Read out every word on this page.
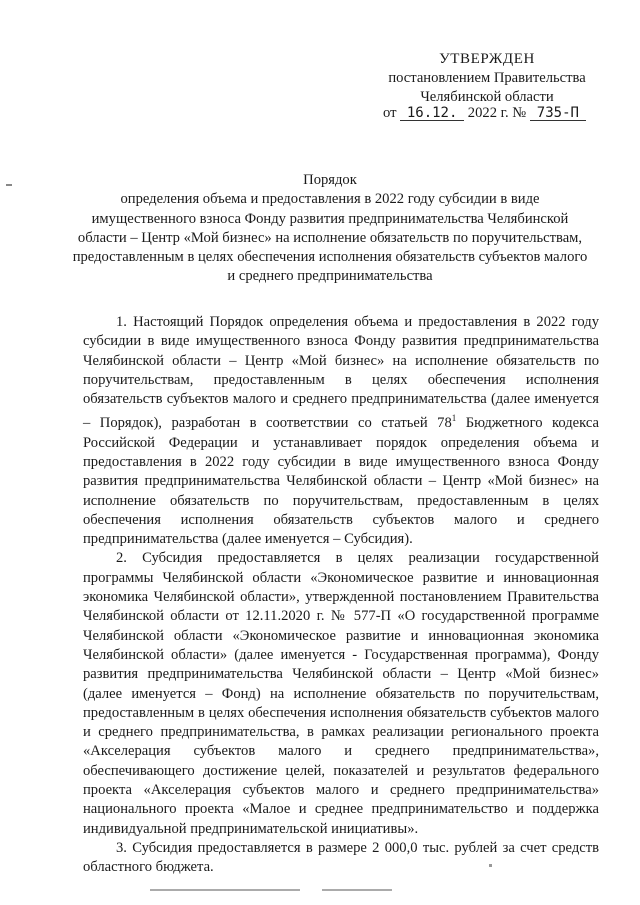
УТВЕРЖДЕН
постановлением Правительства
Челябинской области
от 16.12. 2022 г. № 735-П
Порядок
определения объема и предоставления в 2022 году субсидии в виде имущественного взноса Фонду развития предпринимательства Челябинской области – Центр «Мой бизнес» на исполнение обязательств по поручительствам, предоставленным в целях обеспечения исполнения обязательств субъектов малого и среднего предпринимательства

1. Настоящий Порядок определения объема и предоставления в 2022 году субсидии в виде имущественного взноса Фонду развития предпринимательства Челябинской области – Центр «Мой бизнес» на исполнение обязательств по поручительствам, предоставленным в целях обеспечения исполнения обязательств субъектов малого и среднего предпринимательства (далее именуется – Порядок), разработан в соответствии со статьей $78^1$ Бюджетного кодекса Российской Федерации и устанавливает порядок определения объема и предоставления в 2022 году субсидии в виде имущественного взноса Фонду развития предпринимательства Челябинской области – Центр «Мой бизнес» на исполнение обязательств по поручительствам, предоставленным в целях обеспечения исполнения обязательств субъектов малого и среднего предпринимательства (далее именуется – Субсидия).

2. Субсидия предоставляется в целях реализации государственной программы Челябинской области «Экономическое развитие и инновационная экономика Челябинской области», утвержденной постановлением Правительства Челябинской области от 12.11.2020 г. № 577-П «О государственной программе Челябинской области «Экономическое развитие и инновационная экономика Челябинской области» (далее именуется - Государственная программа), Фонду развития предпринимательства Челябинской области – Центр «Мой бизнес» (далее именуется – Фонд) на исполнение обязательств по поручительствам, предоставленным в целях обеспечения исполнения обязательств субъектов малого и среднего предпринимательства, в рамках реализации регионального проекта «Акселерация субъектов малого и среднего предпринимательства», обеспечивающего достижение целей, показателей и результатов федерального проекта «Акселерация субъектов малого и среднего предпринимательства» национального проекта «Малое и среднее предпринимательство и поддержка индивидуальной предпринимательской инициативы».

3. Субсидия предоставляется в размере 2 000,0 тыс. рублей за счет средств областного бюджета.
